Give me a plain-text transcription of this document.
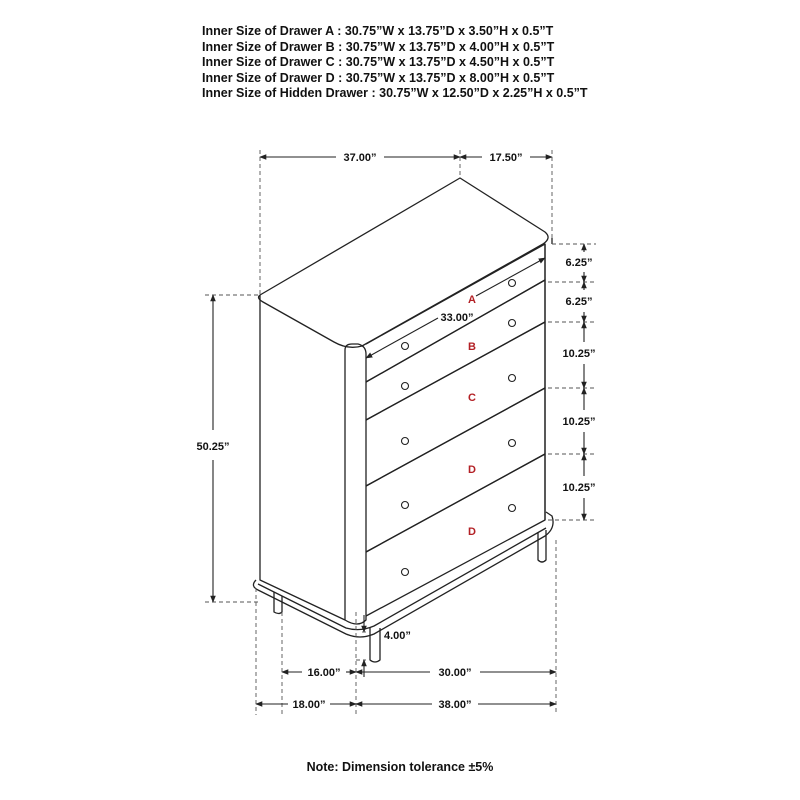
Inner Size of Drawer A : 30.75”W x 13.75”D x 3.50”H x 0.5”T
Inner Size of Drawer B : 30.75”W x 13.75”D x 4.00”H x 0.5”T
Inner Size of Drawer C : 30.75”W x 13.75”D x 4.50”H x 0.5”T
Inner Size of Drawer D : 30.75”W x 13.75”D x 8.00”H x 0.5”T
Inner Size of Hidden Drawer : 30.75”W x 12.50”D x 2.25”H x 0.5”T
A
B
C
D
D
37.00”	17.50”
50.25”
6.25”
6.25”
10.25”
10.25”
10.25”
33.00”
4.00”
16.00”	30.00”
18.00”	38.00”
Note: Dimension tolerance ±5%
